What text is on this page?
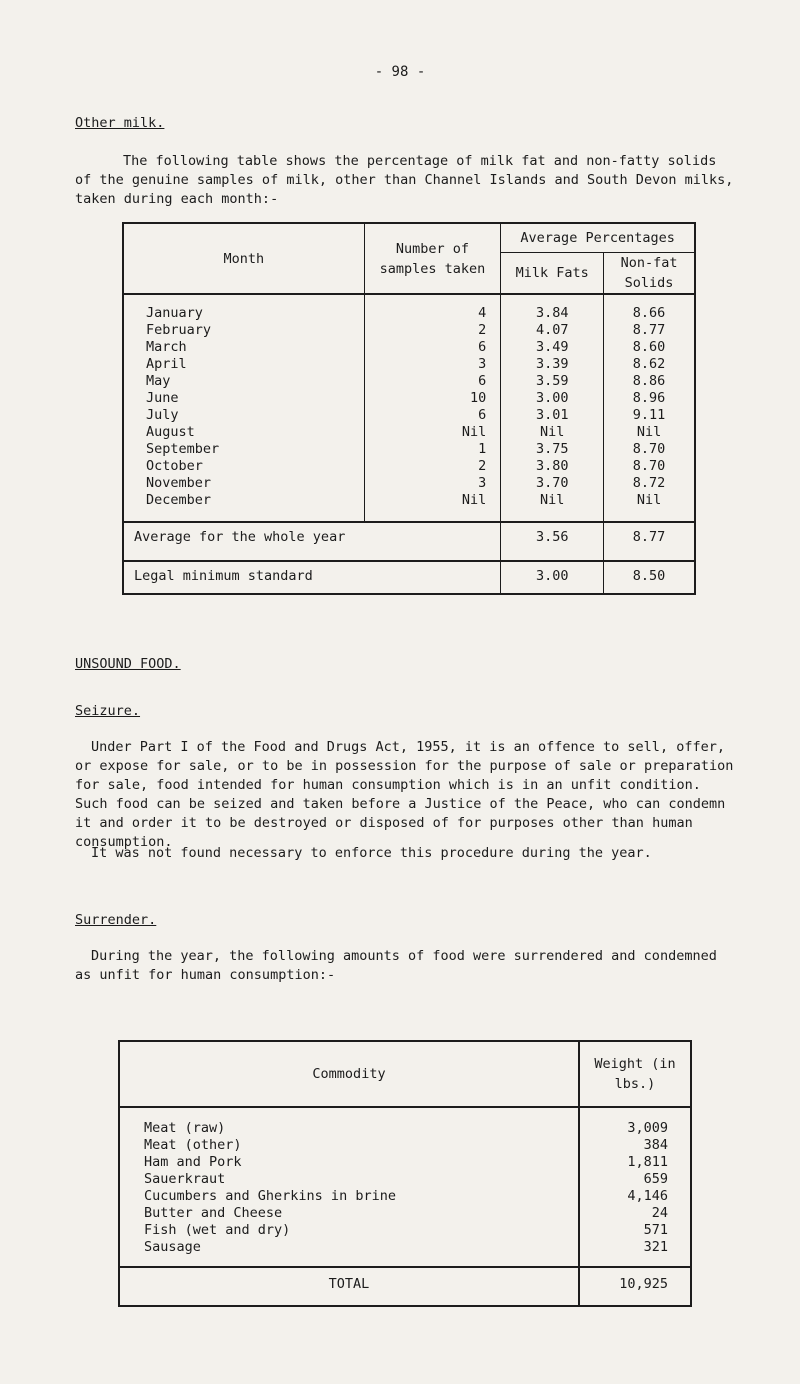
- 98 -
Other milk.
The following table shows the percentage of milk fat and non-fatty solids of the genuine samples of milk, other than Channel Islands and South Devon milks, taken during each month:-
Month	Number of samples taken	Average Percentages	
		Milk Fats	Non-fat Solids
January	4	3.84	8.66
February	2	4.07	8.77
March	6	3.49	8.60
April	3	3.39	8.62
May	6	3.59	8.86
June	10	3.00	8.96
July	6	3.01	9.11
August	Nil	Nil	Nil
September	1	3.75	8.70
October	2	3.80	8.70
November	3	3.70	8.72
December	Nil	Nil	Nil
Average for the whole year		3.56	8.77
Legal minimum standard		3.00	8.50
UNSOUND FOOD.
Seizure.
Under Part I of the Food and Drugs Act, 1955, it is an offence to sell, offer, or expose for sale, or to be in possession for the purpose of sale or preparation for sale, food intended for human consumption which is in an unfit condition. Such food can be seized and taken before a Justice of the Peace, who can condemn it and order it to be destroyed or disposed of for purposes other than human consumption.
It was not found necessary to enforce this procedure during the year.
Surrender.
During the year, the following amounts of food were surrendered and condemned as unfit for human consumption:-
Commodity	Weight (in lbs.)
Meat (raw)	3,009
Meat (other)	384
Ham and Pork	1,811
Sauerkraut	659
Cucumbers and Gherkins in brine	4,146
Butter and Cheese	24
Fish (wet and dry)	571
Sausage	321
TOTAL	10,925
